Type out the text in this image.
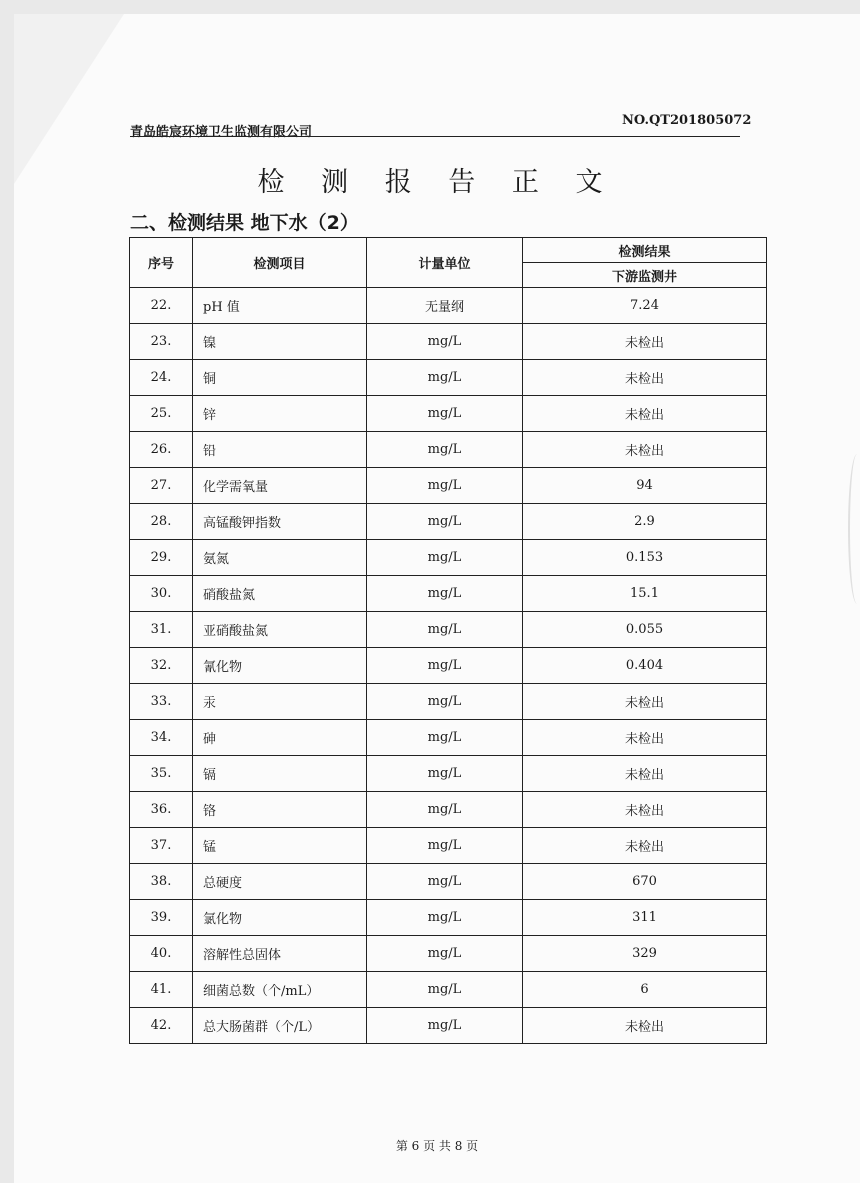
青岛皓宸环境卫生监测有限公司
NO.QT201805072
检 测 报 告 正 文
二、检测结果 地下水（2）
序号	检测项目	计量单位	检测结果
			下游监测井
22.	pH 值	无量纲	7.24
23.	镍	mg/L	未检出
24.	铜	mg/L	未检出
25.	锌	mg/L	未检出
26.	铅	mg/L	未检出
27.	化学需氧量	mg/L	94
28.	高锰酸钾指数	mg/L	2.9
29.	氨氮	mg/L	0.153
30.	硝酸盐氮	mg/L	15.1
31.	亚硝酸盐氮	mg/L	0.055
32.	氰化物	mg/L	0.404
33.	汞	mg/L	未检出
34.	砷	mg/L	未检出
35.	镉	mg/L	未检出
36.	铬	mg/L	未检出
37.	锰	mg/L	未检出
38.	总硬度	mg/L	670
39.	氯化物	mg/L	311
40.	溶解性总固体	mg/L	329
41.	细菌总数（个/mL）	mg/L	6
42.	总大肠菌群（个/L）	mg/L	未检出
第 6 页 共 8 页
